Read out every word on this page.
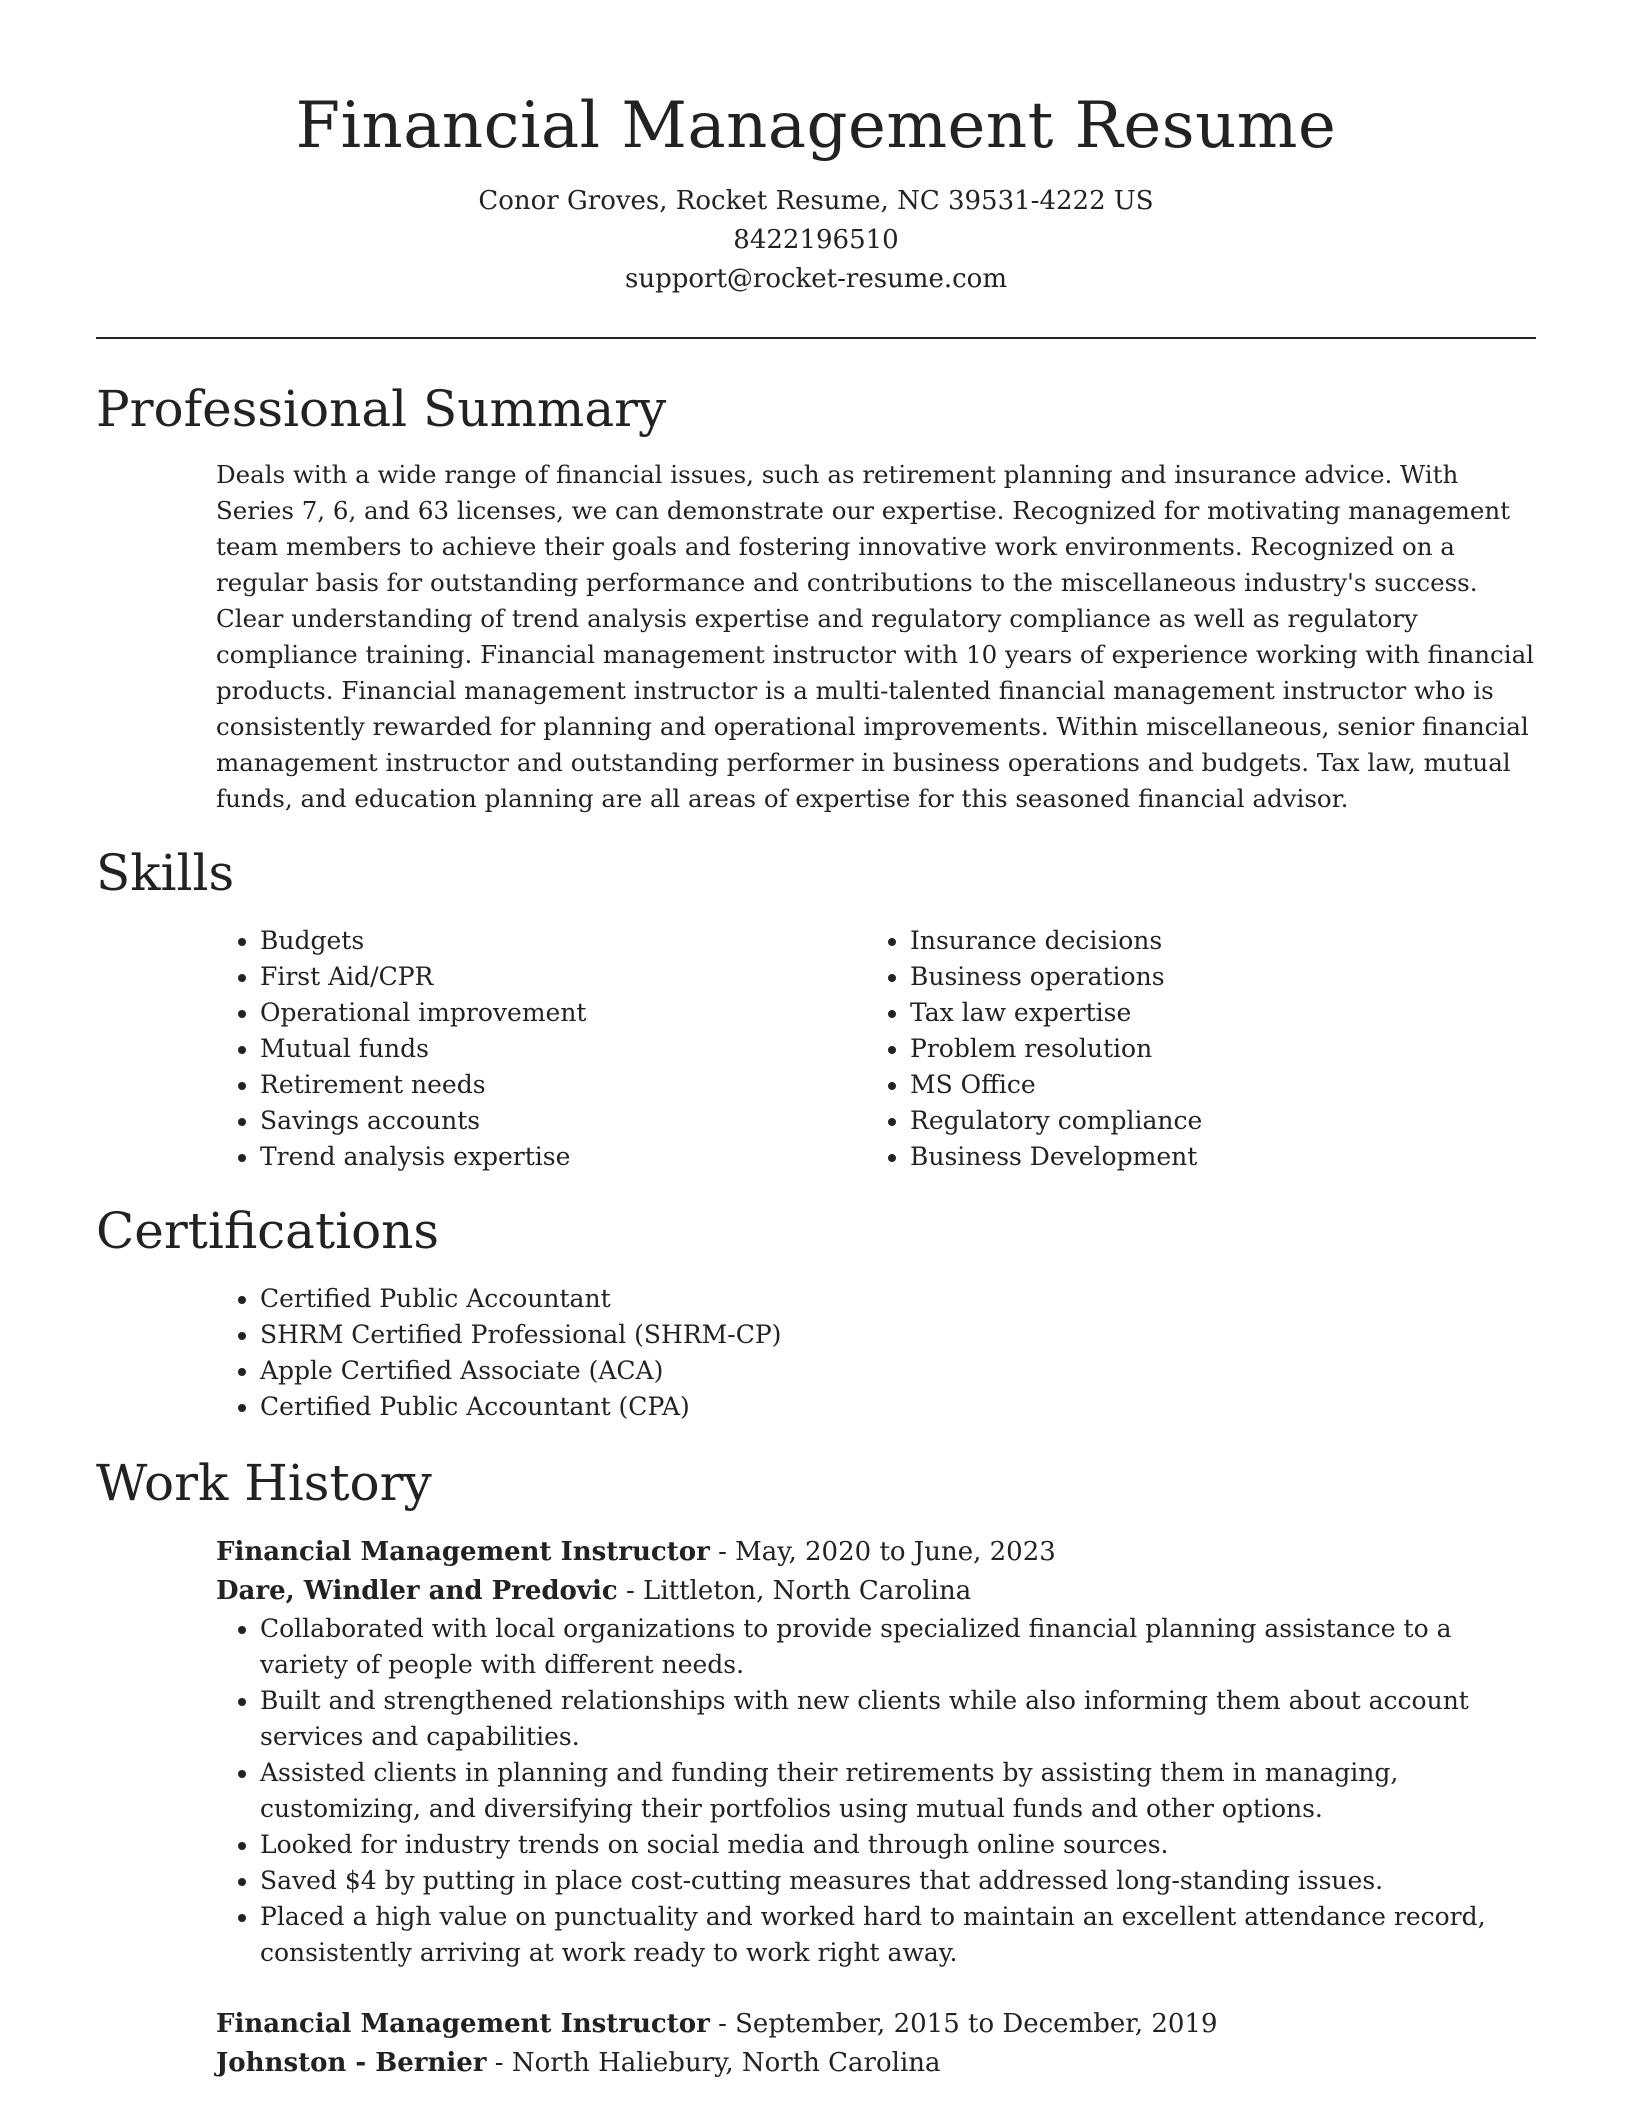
Financial Management Resume
Conor Groves, Rocket Resume, NC 39531-4222 US
8422196510
support@rocket-resume.com
Professional Summary

Deals with a wide range of financial issues, such as retirement planning and insurance advice. With Series 7, 6, and 63 licenses, we can demonstrate our expertise. Recognized for motivating management team members to achieve their goals and fostering innovative work environments. Recognized on a regular basis for outstanding performance and contributions to the miscellaneous industry's success. Clear understanding of trend analysis expertise and regulatory compliance as well as regulatory compliance training. Financial management instructor with 10 years of experience working with financial products. Financial management instructor is a multi-talented financial management instructor who is consistently rewarded for planning and operational improvements. Within miscellaneous, senior financial management instructor and outstanding performer in business operations and budgets. Tax law, mutual funds, and education planning are all areas of expertise for this seasoned financial advisor.

Skills
• Budgets
• First Aid/CPR
• Operational improvement
• Mutual funds
• Retirement needs
• Savings accounts
• Trend analysis expertise
• Insurance decisions
• Business operations
• Tax law expertise
• Problem resolution
• MS Office
• Regulatory compliance
• Business Development
Certifications
• Certified Public Accountant
• SHRM Certified Professional (SHRM-CP)
• Apple Certified Associate (ACA)
• Certified Public Accountant (CPA)
Work History
Financial Management Instructor - May, 2020 to June, 2023
Dare, Windler and Predovic - Littleton, North Carolina
• Collaborated with local organizations to provide specialized financial planning assistance to a variety of people with different needs.
• Built and strengthened relationships with new clients while also informing them about account services and capabilities.
• Assisted clients in planning and funding their retirements by assisting them in managing, customizing, and diversifying their portfolios using mutual funds and other options.
• Looked for industry trends on social media and through online sources.
• Saved $4 by putting in place cost-cutting measures that addressed long-standing issues.
• Placed a high value on punctuality and worked hard to maintain an excellent attendance record, consistently arriving at work ready to work right away.
Financial Management Instructor - September, 2015 to December, 2019
Johnston - Bernier - North Haliebury, North Carolina
